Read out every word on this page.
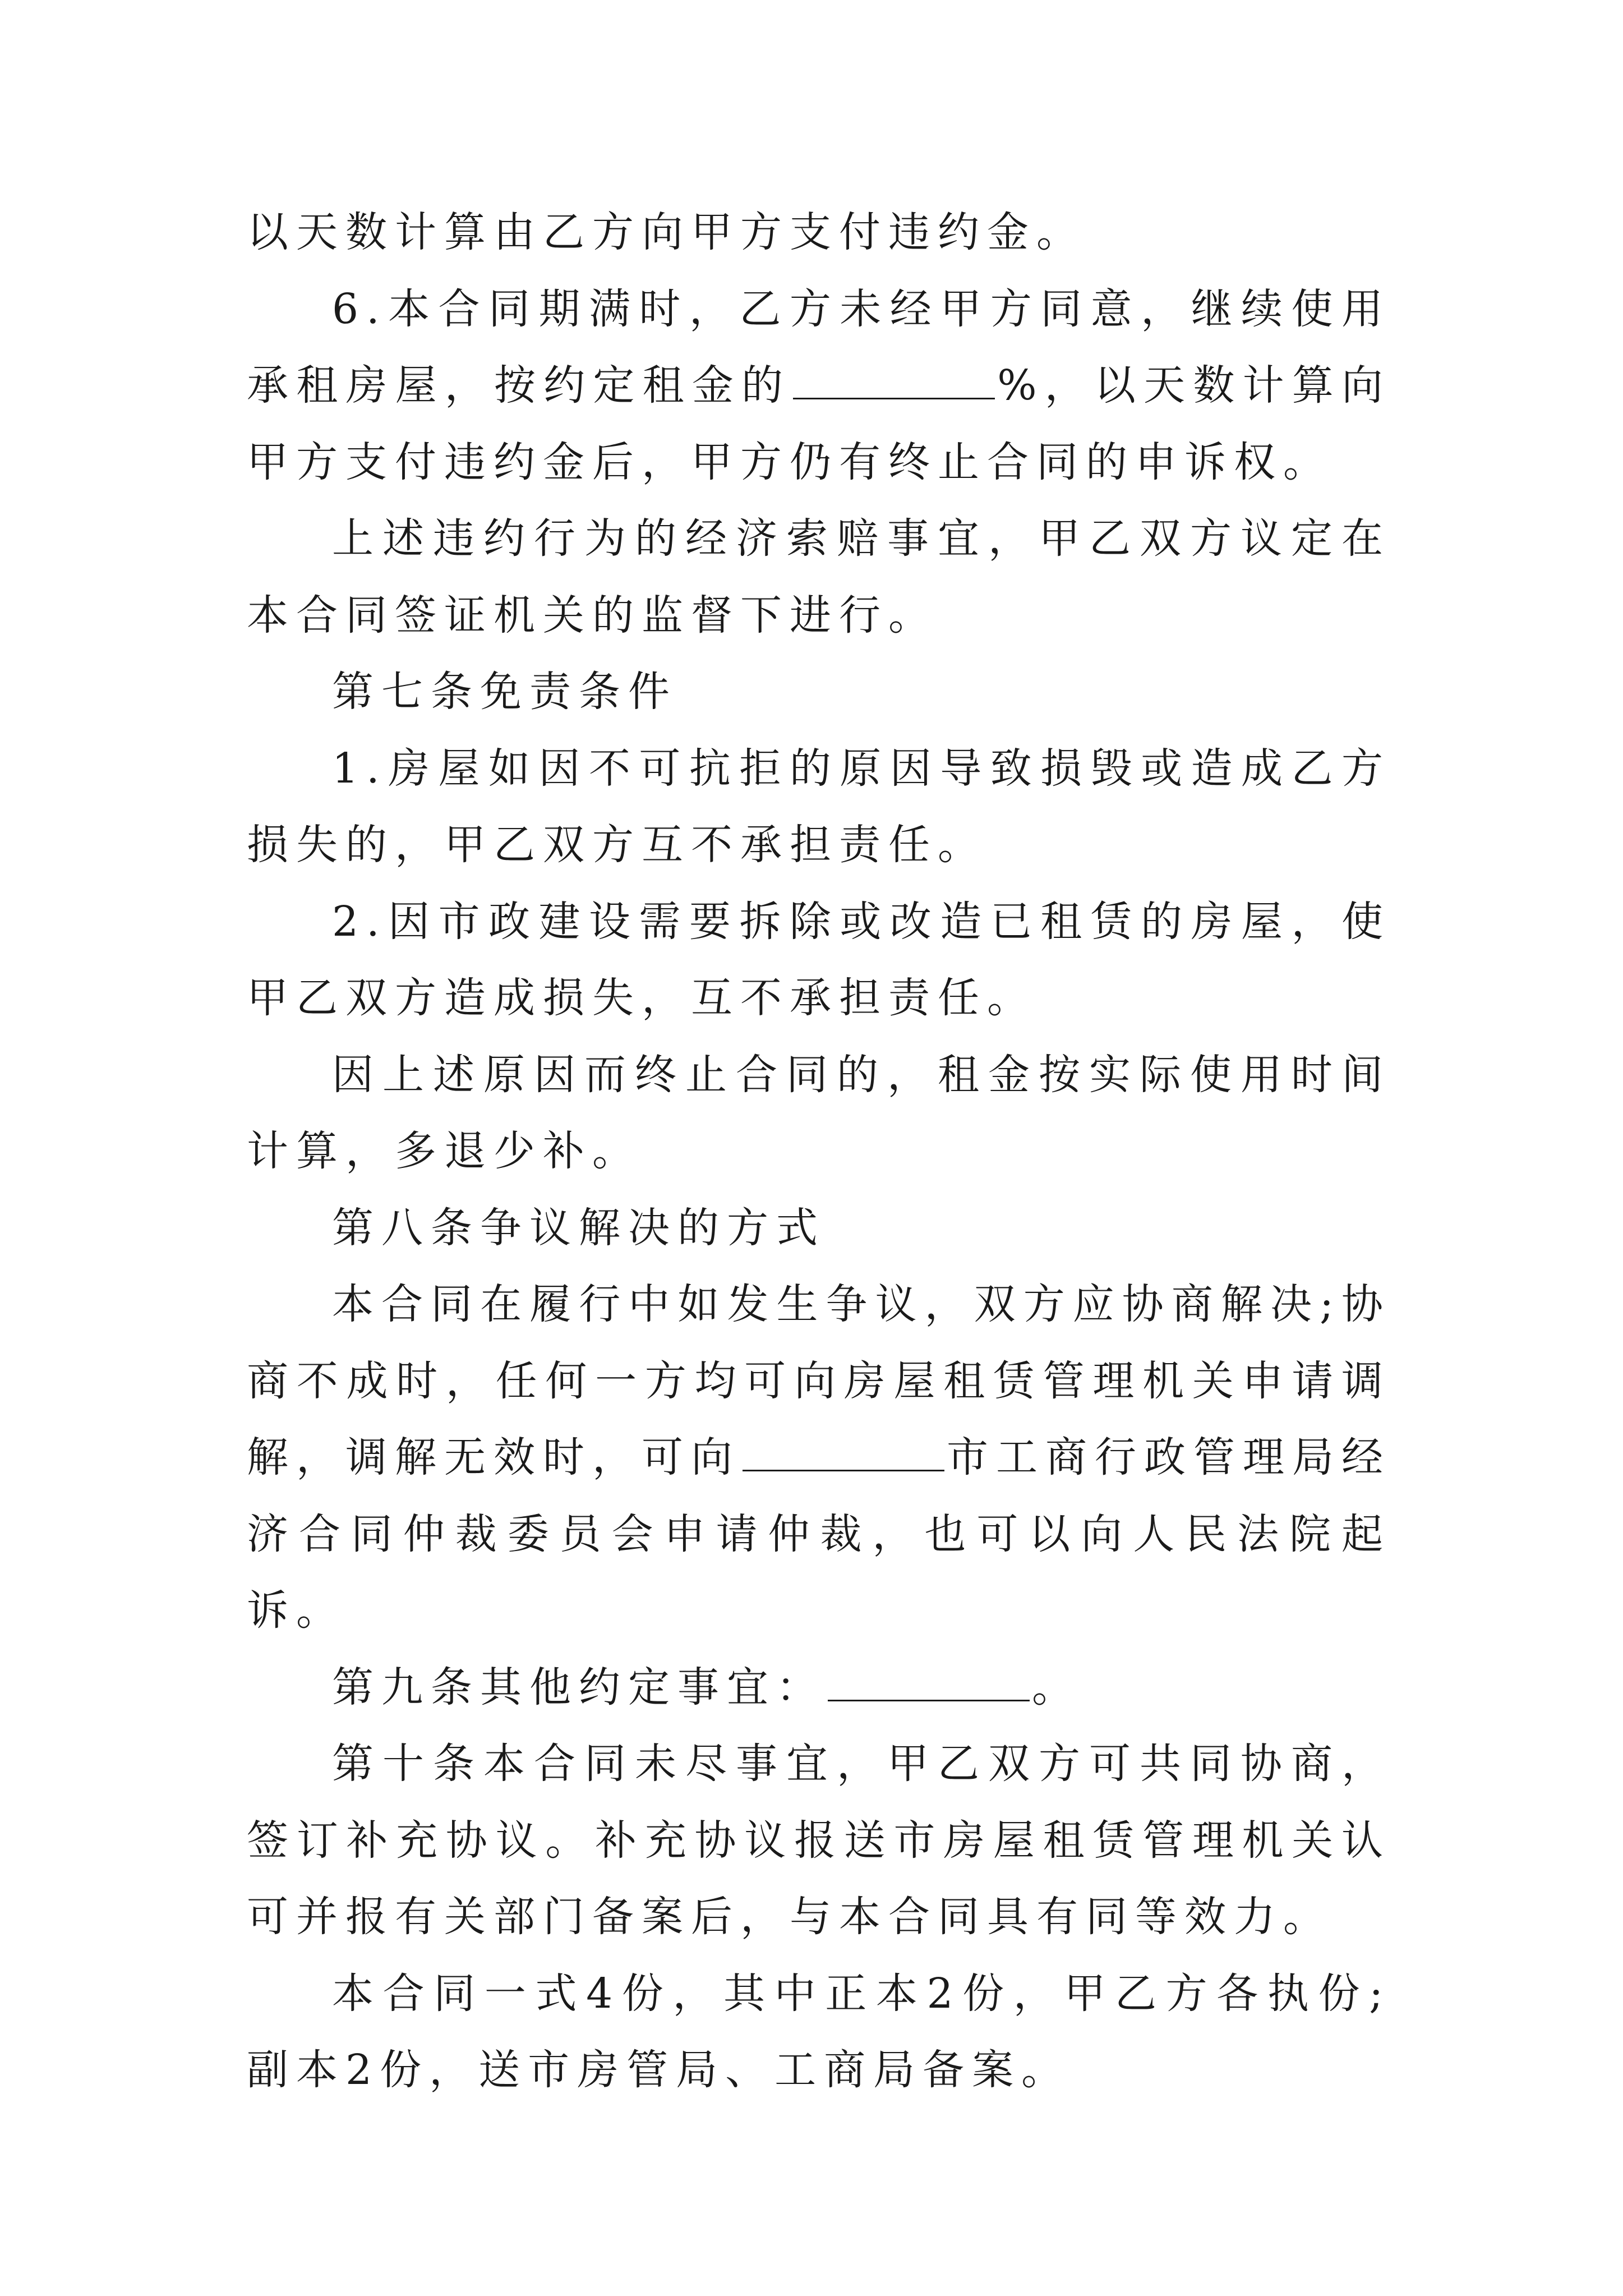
以天数计算由乙方向甲方支付违约金。

6.本合同期满时，乙方未经甲方同意，继续使用承租房屋，按约定租金的	%，以天数计算向甲方支付违约金后，甲方仍有终止合同的申诉权。

上述违约行为的经济索赔事宜，甲乙双方议定在本合同签证机关的监督下进行。

第七条免责条件

1.房屋如因不可抗拒的原因导致损毁或造成乙方损失的，甲乙双方互不承担责任。

2.因市政建设需要拆除或改造已租赁的房屋，使甲乙双方造成损失，互不承担责任。

因上述原因而终止合同的，租金按实际使用时间计算，多退少补。

第八条争议解决的方式

本合同在履行中如发生争议，双方应协商解决;协商不成时，任何一方均可向房屋租赁管理机关申请调解，调解无效时，可向	市工商行政管理局经济合同仲裁委员会申请仲裁，也可以向人民法院起诉。

第九条其他约定事宜：	。

第十条本合同未尽事宜，甲乙双方可共同协商，签订补充协议。补充协议报送市房屋租赁管理机关认可并报有关部门备案后，与本合同具有同等效力。

本合同一式4份，其中正本2份，甲乙方各执份;副本2份，送市房管局、工商局备案。
